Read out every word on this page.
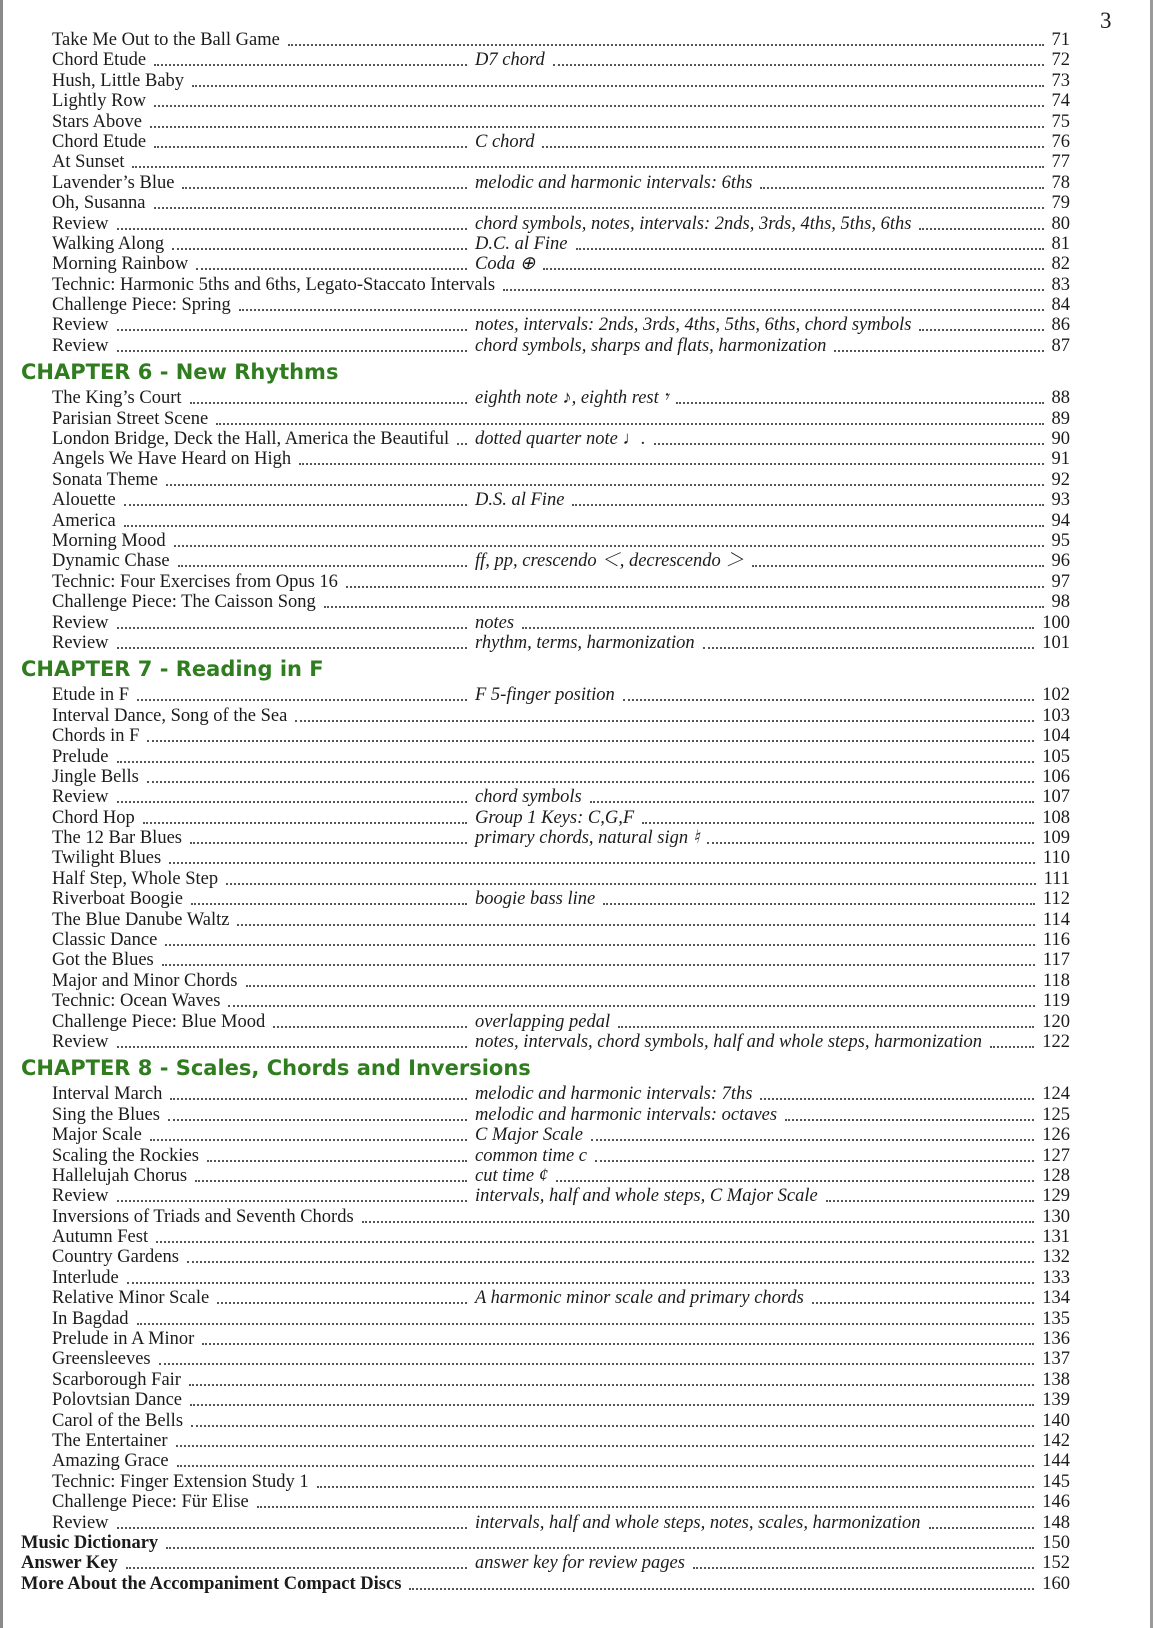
3
Take Me Out to the Ball Game	71
Chord Etude	D7 chord	72
Hush, Little Baby	73
Lightly Row	74
Stars Above	75
Chord Etude	C chord	76
At Sunset	77
Lavender’s Blue	melodic and harmonic intervals: 6ths	78
Oh, Susanna	79
Review	chord symbols, notes, intervals: 2nds, 3rds, 4ths, 5ths, 6ths	80
Walking Along	D.C. al Fine	81
Morning Rainbow	Coda ⊕	82
Technic: Harmonic 5ths and 6ths, Legato-Staccato Intervals	83
Challenge Piece: Spring	84
Review	notes, intervals: 2nds, 3rds, 4ths, 5ths, 6ths, chord symbols	86
Review	chord symbols, sharps and flats, harmonization	87
CHAPTER 6 - New Rhythms
The King’s Court	eighth note ♪, eighth rest 𝄾	88
Parisian Street Scene	89
London Bridge, Deck the Hall, America the Beautiful dotted quarter note ♩.	90
Angels We Have Heard on High	91
Sonata Theme	92
Alouette	D.S. al Fine	93
America	94
Morning Mood	95
Dynamic Chase	ff, pp, crescendo ＜, decrescendo ＞	96
Technic: Four Exercises from Opus 16	97
Challenge Piece: The Caisson Song	98
Review	notes	100
Review	rhythm, terms, harmonization	101
CHAPTER 7 - Reading in F
Etude in F	F 5-finger position	102
Interval Dance, Song of the Sea	103
Chords in F	104
Prelude	105
Jingle Bells	106
Review	chord symbols	107
Chord Hop	Group 1 Keys: C,G,F	108
The 12 Bar Blues	primary chords, natural sign ♮	109
Twilight Blues	110
Half Step, Whole Step	111
Riverboat Boogie	boogie bass line	112
The Blue Danube Waltz	114
Classic Dance	116
Got the Blues	117
Major and Minor Chords	118
Technic: Ocean Waves	119
Challenge Piece: Blue Mood	overlapping pedal	120
Review	notes, intervals, chord symbols, half and whole steps, harmonization	122
CHAPTER 8 - Scales, Chords and Inversions
Interval March	melodic and harmonic intervals: 7ths	124
Sing the Blues	melodic and harmonic intervals: octaves	125
Major Scale	C Major Scale	126
Scaling the Rockies	common time c	127
Hallelujah Chorus	cut time ¢	128
Review	intervals, half and whole steps, C Major Scale	129
Inversions of Triads and Seventh Chords	130
Autumn Fest	131
Country Gardens	132
Interlude	133
Relative Minor Scale	A harmonic minor scale and primary chords	134
In Bagdad	135
Prelude in A Minor	136
Greensleeves	137
Scarborough Fair	138
Polovtsian Dance	139
Carol of the Bells	140
The Entertainer	142
Amazing Grace	144
Technic: Finger Extension Study 1	145
Challenge Piece: Für Elise	146
Review	intervals, half and whole steps, notes, scales, harmonization	148
Music Dictionary	150
Answer Key	answer key for review pages	152
More About the Accompaniment Compact Discs	160
